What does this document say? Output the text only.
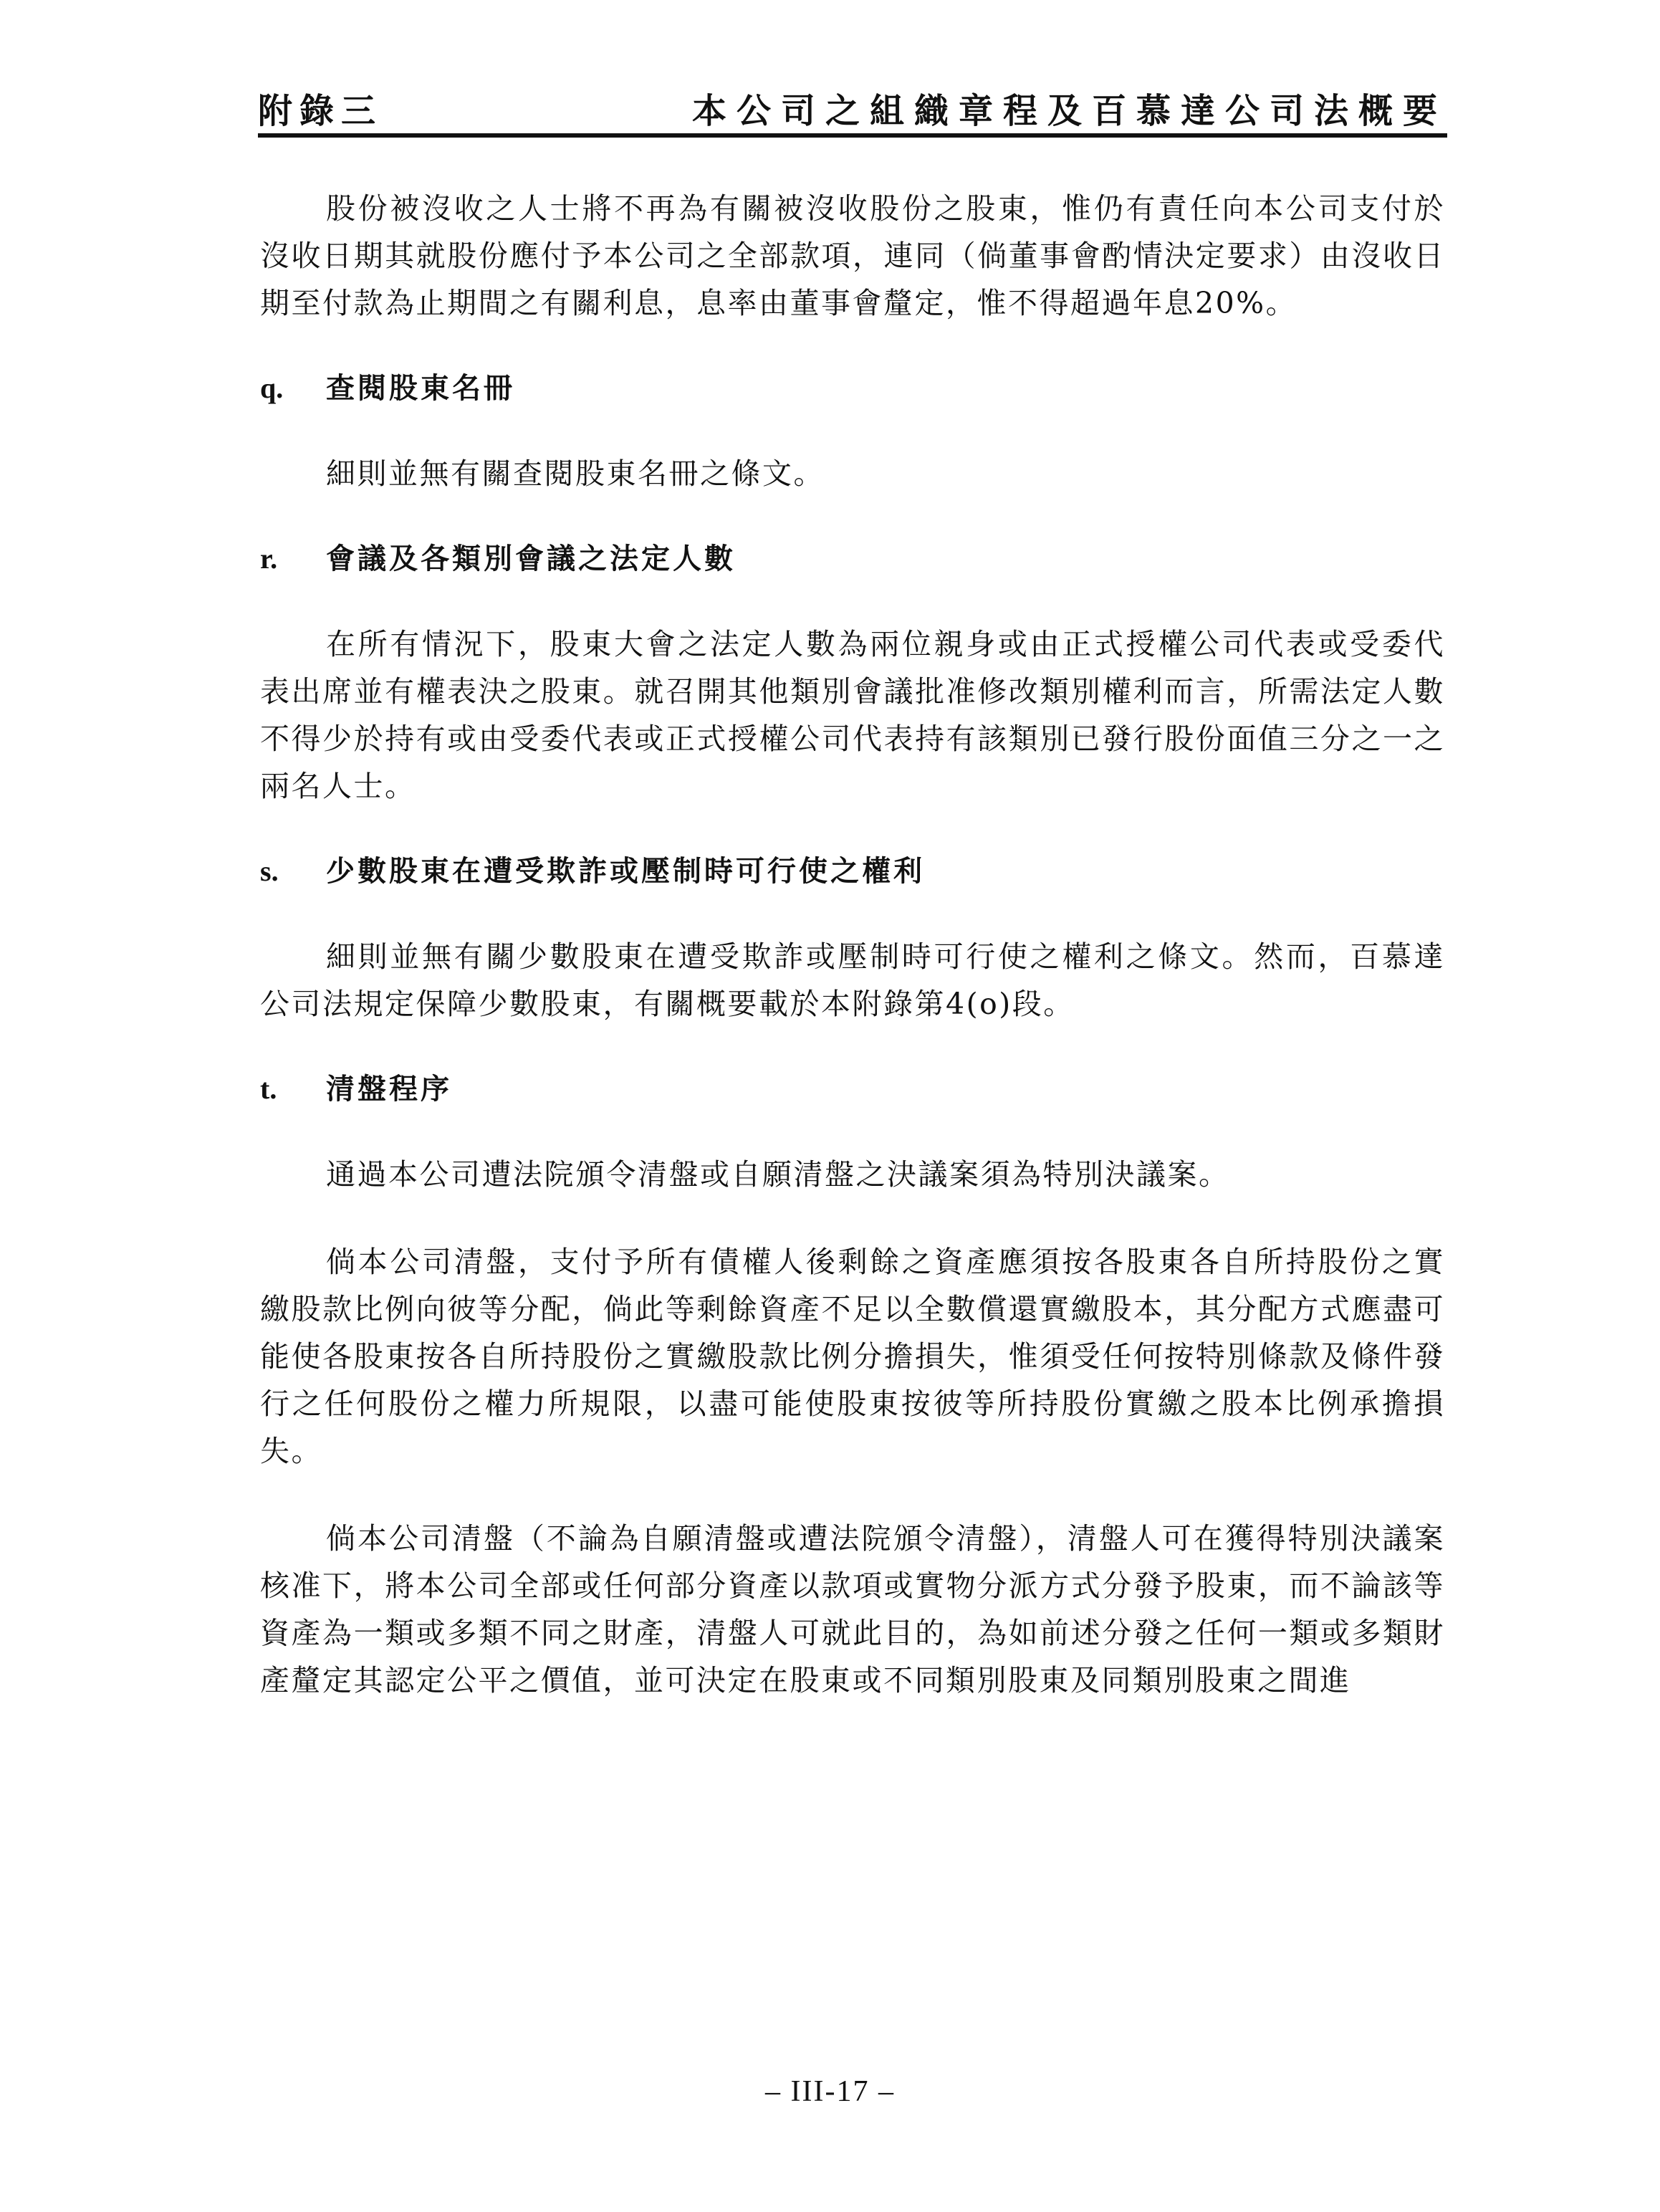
附錄三	本公司之組織章程及百慕達公司法概要

股份被沒收之人士將不再為有關被沒收股份之股東，惟仍有責任向本公司支付於沒收日期其就股份應付予本公司之全部款項，連同（倘董事會酌情決定要求）由沒收日期至付款為止期間之有關利息，息率由董事會釐定，惟不得超過年息20%。

q.	查閱股東名冊

細則並無有關查閱股東名冊之條文。

r.	會議及各類別會議之法定人數

在所有情況下，股東大會之法定人數為兩位親身或由正式授權公司代表或受委代表出席並有權表決之股東。就召開其他類別會議批准修改類別權利而言，所需法定人數不得少於持有或由受委代表或正式授權公司代表持有該類別已發行股份面值三分之一之兩名人士。

s.	少數股東在遭受欺詐或壓制時可行使之權利

細則並無有關少數股東在遭受欺詐或壓制時可行使之權利之條文。然而，百慕達公司法規定保障少數股東，有關概要載於本附錄第4(o)段。

t.	清盤程序

通過本公司遭法院頒令清盤或自願清盤之決議案須為特別決議案。

倘本公司清盤，支付予所有債權人後剩餘之資產應須按各股東各自所持股份之實繳股款比例向彼等分配，倘此等剩餘資產不足以全數償還實繳股本，其分配方式應盡可能使各股東按各自所持股份之實繳股款比例分擔損失，惟須受任何按特別條款及條件發行之任何股份之權力所規限，以盡可能使股東按彼等所持股份實繳之股本比例承擔損失。

倘本公司清盤（不論為自願清盤或遭法院頒令清盤），清盤人可在獲得特別決議案核准下，將本公司全部或任何部分資產以款項或實物分派方式分發予股東，而不論該等資產為一類或多類不同之財產，清盤人可就此目的，為如前述分發之任何一類或多類財產釐定其認定公平之價值，並可決定在股東或不同類別股東及同類別股東之間進

– III-17 –
